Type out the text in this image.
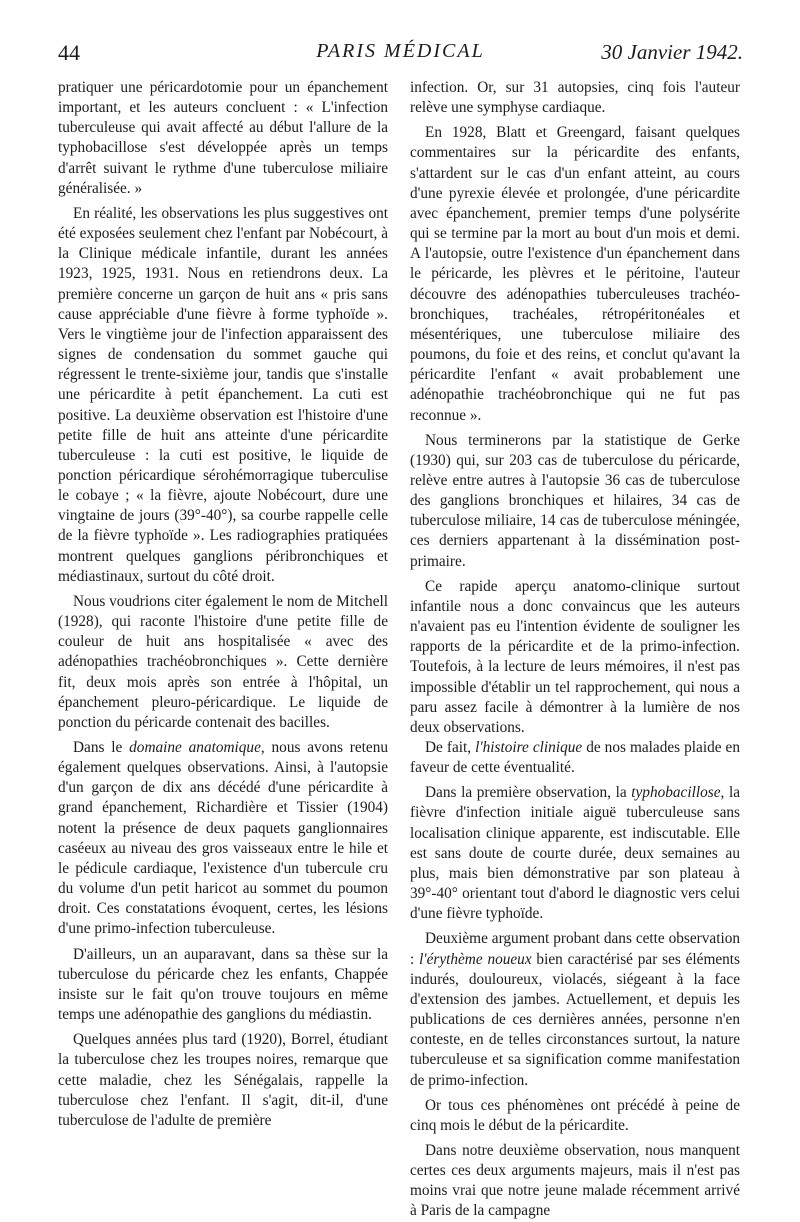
44	PARIS MÉDICAL	30 Janvier 1942.

pratiquer une péricardotomie pour un épanchement important, et les auteurs concluent : « L'infection tuberculeuse qui avait affecté au début l'allure de la typhobacillose s'est développée après un temps d'arrêt suivant le rythme d'une tuberculose miliaire généralisée. »

En réalité, les observations les plus suggestives ont été exposées seulement chez l'enfant par Nobécourt, à la Clinique médicale infantile, durant les années 1923, 1925, 1931. Nous en retiendrons deux. La première concerne un garçon de huit ans « pris sans cause appréciable d'une fièvre à forme typhoïde ». Vers le vingtième jour de l'infection apparaissent des signes de condensation du sommet gauche qui régressent le trente-sixième jour, tandis que s'installe une péricardite à petit épanchement. La cuti est positive. La deuxième observation est l'histoire d'une petite fille de huit ans atteinte d'une péricardite tuberculeuse : la cuti est positive, le liquide de ponction péricardique sérohémorragique tuberculise le cobaye ; « la fièvre, ajoute Nobécourt, dure une vingtaine de jours (39°-40°), sa courbe rappelle celle de la fièvre typhoïde ». Les radiographies pratiquées montrent quelques ganglions péribronchiques et médiastinaux, surtout du côté droit.

Nous voudrions citer également le nom de Mitchell (1928), qui raconte l'histoire d'une petite fille de couleur de huit ans hospitalisée « avec des adénopathies trachéobronchiques ». Cette dernière fit, deux mois après son entrée à l'hôpital, un épanchement pleuro-péricardique. Le liquide de ponction du péricarde contenait des bacilles.

Dans le domaine anatomique, nous avons retenu également quelques observations. Ainsi, à l'autopsie d'un garçon de dix ans décédé d'une péricardite à grand épanchement, Richardière et Tissier (1904) notent la présence de deux paquets ganglionnaires caséeux au niveau des gros vaisseaux entre le hile et le pédicule cardiaque, l'existence d'un tubercule cru du volume d'un petit haricot au sommet du poumon droit. Ces constatations évoquent, certes, les lésions d'une primo-infection tuberculeuse.

D'ailleurs, un an auparavant, dans sa thèse sur la tuberculose du péricarde chez les enfants, Chappée insiste sur le fait qu'on trouve toujours en même temps une adénopathie des ganglions du médiastin.

Quelques années plus tard (1920), Borrel, étudiant la tuberculose chez les troupes noires, remarque que cette maladie, chez les Sénégalais, rappelle la tuberculose chez l'enfant. Il s'agit, dit-il, d'une tuberculose de l'adulte de première

infection. Or, sur 31 autopsies, cinq fois l'auteur relève une symphyse cardiaque.

En 1928, Blatt et Greengard, faisant quelques commentaires sur la péricardite des enfants, s'attardent sur le cas d'un enfant atteint, au cours d'une pyrexie élevée et prolongée, d'une péricardite avec épanchement, premier temps d'une polysérite qui se termine par la mort au bout d'un mois et demi. A l'autopsie, outre l'existence d'un épanchement dans le péricarde, les plèvres et le péritoine, l'auteur découvre des adénopathies tuberculeuses trachéo-bronchiques, trachéales, rétropéritonéales et mésentériques, une tuberculose miliaire des poumons, du foie et des reins, et conclut qu'avant la péricardite l'enfant « avait probablement une adénopathie trachéobronchique qui ne fut pas reconnue ».

Nous terminerons par la statistique de Gerke (1930) qui, sur 203 cas de tuberculose du péricarde, relève entre autres à l'autopsie 36 cas de tuberculose des ganglions bronchiques et hilaires, 34 cas de tuberculose miliaire, 14 cas de tuberculose méningée, ces derniers appartenant à la dissémination post-primaire.

Ce rapide aperçu anatomo-clinique surtout infantile nous a donc convaincus que les auteurs n'avaient pas eu l'intention évidente de souligner les rapports de la péricardite et de la primo-infection. Toutefois, à la lecture de leurs mémoires, il n'est pas impossible d'établir un tel rapprochement, qui nous a paru assez facile à démontrer à la lumière de nos deux observations.

De fait, l'histoire clinique de nos malades plaide en faveur de cette éventualité.

Dans la première observation, la typhobacillose, la fièvre d'infection initiale aiguë tuberculeuse sans localisation clinique apparente, est indiscutable. Elle est sans doute de courte durée, deux semaines au plus, mais bien démonstrative par son plateau à 39°-40° orientant tout d'abord le diagnostic vers celui d'une fièvre typhoïde.

Deuxième argument probant dans cette observation : l'érythème noueux bien caractérisé par ses éléments indurés, douloureux, violacés, siégeant à la face d'extension des jambes. Actuellement, et depuis les publications de ces dernières années, personne n'en conteste, en de telles circonstances surtout, la nature tuberculeuse et sa signification comme manifestation de primo-infection.

Or tous ces phénomènes ont précédé à peine de cinq mois le début de la péricardite.

Dans notre deuxième observation, nous manquent certes ces deux arguments majeurs, mais il n'est pas moins vrai que notre jeune malade récemment arrivé à Paris de la campagne
